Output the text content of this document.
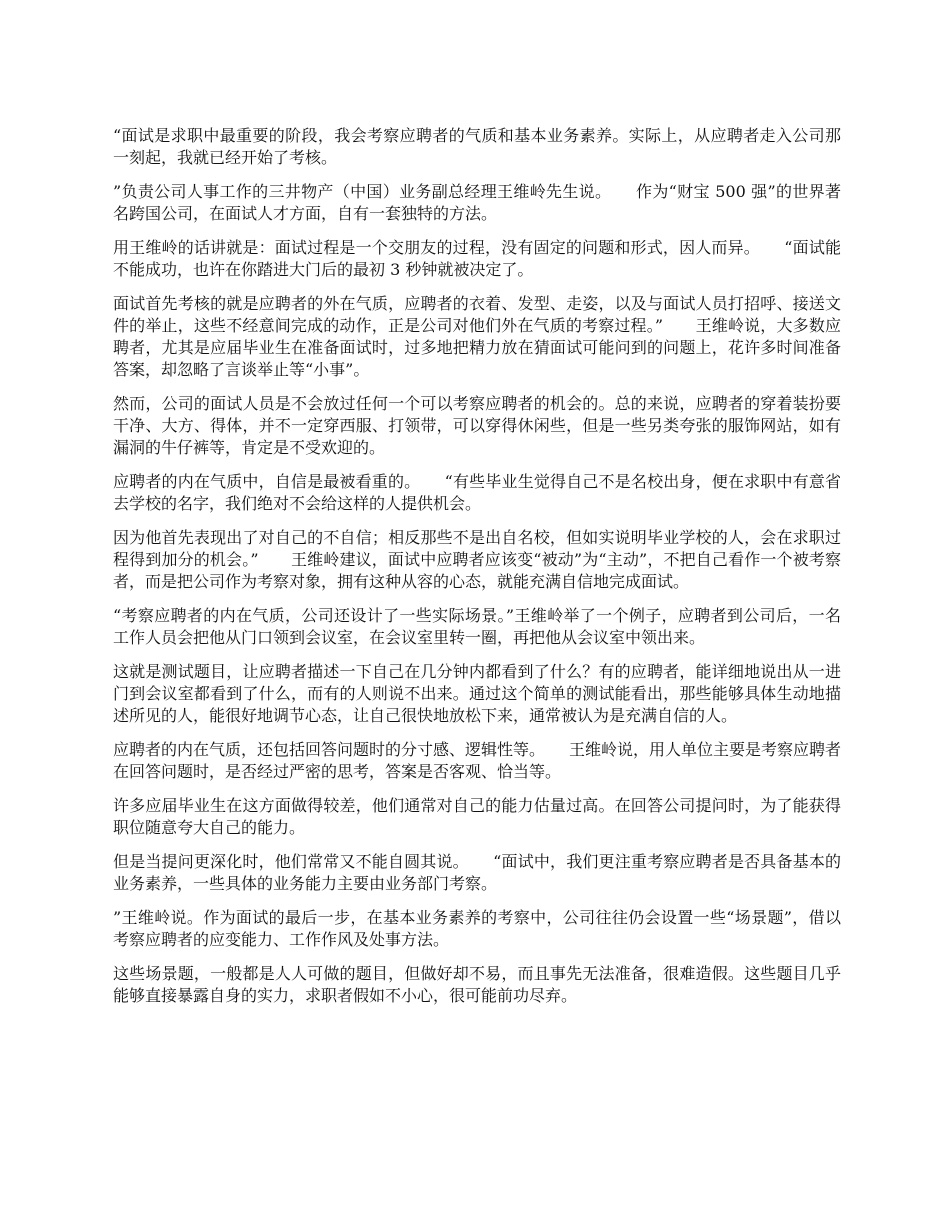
“面试是求职中最重要的阶段，我会考察应聘者的气质和基本业务素养。实际上，从应聘者走入公司那一刻起，我就已经开始了考核。

”负责公司人事工作的三井物产（中国）业务副总经理王维岭先生说。　　作为“财宝 500 强”的世界著名跨国公司，在面试人才方面，自有一套独特的方法。

用王维岭的话讲就是：面试过程是一个交朋友的过程，没有固定的问题和形式，因人而异。　　“面试能不能成功，也许在你踏进大门后的最初 3 秒钟就被决定了。

面试首先考核的就是应聘者的外在气质，应聘者的衣着、发型、走姿，以及与面试人员打招呼、接送文件的举止，这些不经意间完成的动作，正是公司对他们外在气质的考察过程。”　　王维岭说，大多数应聘者，尤其是应届毕业生在准备面试时，过多地把精力放在猜面试可能问到的问题上，花许多时间准备答案，却忽略了言谈举止等“小事”。

然而，公司的面试人员是不会放过任何一个可以考察应聘者的机会的。总的来说，应聘者的穿着装扮要干净、大方、得体，并不一定穿西服、打领带，可以穿得休闲些，但是一些另类夸张的服饰网站，如有漏洞的牛仔裤等，肯定是不受欢迎的。

应聘者的内在气质中，自信是最被看重的。　　“有些毕业生觉得自己不是名校出身，便在求职中有意省去学校的名字，我们绝对不会给这样的人提供机会。

因为他首先表现出了对自己的不自信；相反那些不是出自名校，但如实说明毕业学校的人，会在求职过程得到加分的机会。”　　王维岭建议，面试中应聘者应该变“被动”为“主动”，不把自己看作一个被考察者，而是把公司作为考察对象，拥有这种从容的心态，就能充满自信地完成面试。

“考察应聘者的内在气质，公司还设计了一些实际场景。”王维岭举了一个例子，应聘者到公司后，一名工作人员会把他从门口领到会议室，在会议室里转一圈，再把他从会议室中领出来。

这就是测试题目，让应聘者描述一下自己在几分钟内都看到了什么？有的应聘者，能详细地说出从一进门到会议室都看到了什么，而有的人则说不出来。通过这个简单的测试能看出，那些能够具体生动地描述所见的人，能很好地调节心态，让自己很快地放松下来，通常被认为是充满自信的人。

应聘者的内在气质，还包括回答问题时的分寸感、逻辑性等。　　王维岭说，用人单位主要是考察应聘者在回答问题时，是否经过严密的思考，答案是否客观、恰当等。

许多应届毕业生在这方面做得较差，他们通常对自己的能力估量过高。在回答公司提问时，为了能获得职位随意夸大自己的能力。

但是当提问更深化时，他们常常又不能自圆其说。　　“面试中，我们更注重考察应聘者是否具备基本的业务素养，一些具体的业务能力主要由业务部门考察。

”王维岭说。作为面试的最后一步，在基本业务素养的考察中，公司往往仍会设置一些“场景题”，借以考察应聘者的应变能力、工作作风及处事方法。

这些场景题，一般都是人人可做的题目，但做好却不易，而且事先无法准备，很难造假。这些题目几乎能够直接暴露自身的实力，求职者假如不小心，很可能前功尽弃。
